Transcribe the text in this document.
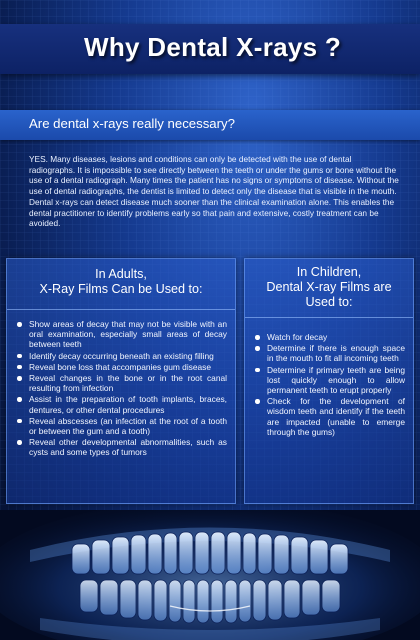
Why Dental X-rays ?
Are dental x-rays really necessary?

YES. Many diseases, lesions and conditions can only be detected with the use of dental radiographs. It is impossible to see directly between the teeth or under the gums or bone without the use of a dental radiograph. Many times the patient has no signs or symptoms of disease. Without the use of dental radiographs, the dentist is limited to detect only the disease that is visible in the mouth. Dental x-rays can detect disease much sooner than the clinical examination alone. This enables the dental practitioner to identify problems early so that pain and extensive, costly treatment can be avoided.

In Adults,
X-Ray Films Can be Used to:
Show areas of decay that may not be visible with an oral examination, especially small areas of decay between teeth
Identify decay occurring beneath an existing filling
Reveal bone loss that accompanies gum disease
Reveal changes in the bone or in the root canal resulting from infection
Assist in the preparation of tooth implants, braces, dentures, or other dental procedures
Reveal abscesses (an infection at the root of a tooth or between the gum and a tooth)
Reveal other developmental abnormalities, such as cysts and some types of tumors
In Children,
Dental X-ray Films are
Used to:
Watch for decay
Determine if there is enough space in the mouth to fit all incoming teeth
Determine if primary teeth are being lost quickly enough to allow permanent teeth to erupt properly
Check for the development of wisdom teeth and identify if the teeth are impacted (unable to emerge through the gums)
